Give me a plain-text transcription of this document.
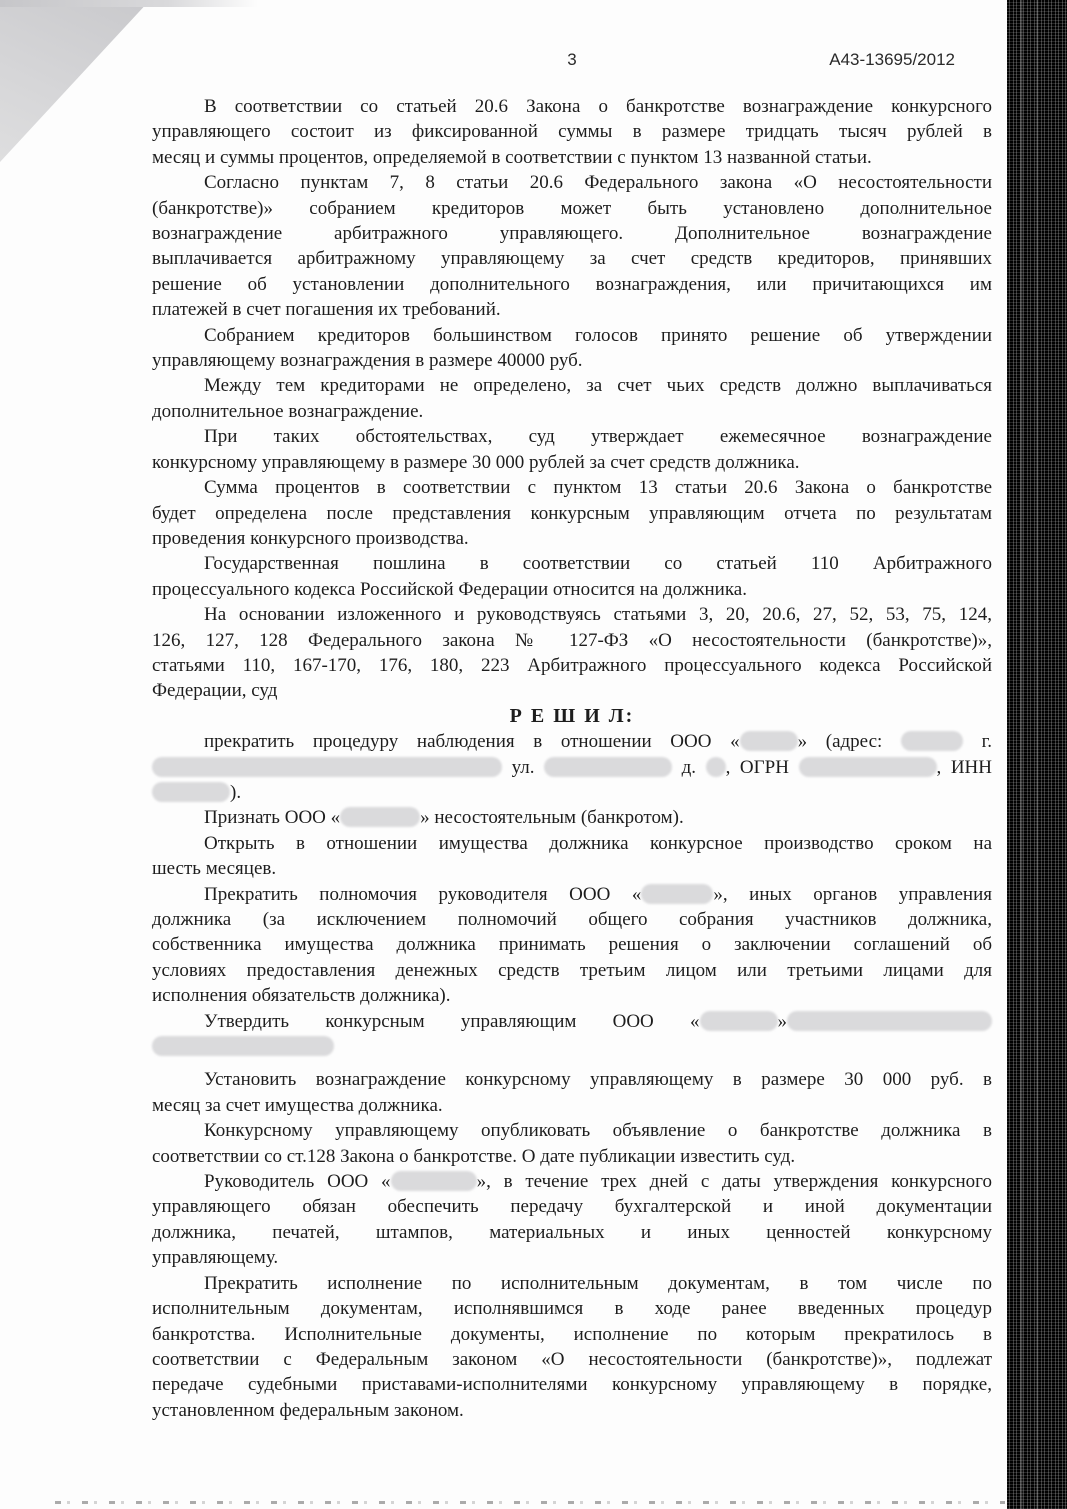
3	А43-13695/2012
В соответствии со статьей 20.6 Закона о банкротстве вознаграждение конкурсного
управляющего состоит из фиксированной суммы в размере тридцать тысяч рублей в
месяц и суммы процентов, определяемой в соответствии с пунктом 13 названной статьи.
Согласно пунктам 7, 8 статьи 20.6 Федерального закона «О несостоятельности
(банкротстве)» собранием кредиторов может быть установлено дополнительное
вознаграждение арбитражного управляющего. Дополнительное вознаграждение
выплачивается арбитражному управляющему за счет средств кредиторов, принявших
решение об установлении дополнительного вознаграждения, или причитающихся им
платежей в счет погашения их требований.
Собранием кредиторов большинством голосов принято решение об утверждении
управляющему вознаграждения в размере 40000 руб.
Между тем кредиторами не определено, за счет чьих средств должно выплачиваться
дополнительное вознаграждение.
При таких обстоятельствах, суд утверждает ежемесячное вознаграждение
конкурсному управляющему в размере 30 000 рублей за счет средств должника.
Сумма процентов в соответствии с пунктом 13 статьи 20.6 Закона о банкротстве
будет определена после представления конкурсным управляющим отчета по результатам
проведения конкурсного производства.
Государственная пошлина в соответствии со статьей 110 Арбитражного
процессуального кодекса Российской Федерации относится на должника.
На основании изложенного и руководствуясь статьями 3, 20, 20.6, 27, 52, 53, 75, 124,
126, 127, 128 Федерального закона № 127-ФЗ «О несостоятельности (банкротстве)»,
статьями 110, 167-170, 176, 180, 223 Арбитражного процессуального кодекса Российской
Федерации, суд
Р Е Ш И Л:
прекратить процедуру наблюдения в отношении ООО «	» (адрес:	г.
ул.	д. , ОГРН	, ИНН
).
Признать ООО «	» несостоятельным (банкротом).
Открыть в отношении имущества должника конкурсное производство сроком на
шесть месяцев.
Прекратить полномочия руководителя ООО «	», иных органов управления
должника (за исключением полномочий общего собрания участников должника,
собственника имущества должника принимать решения о заключении соглашений об
условиях предоставления денежных средств третьим лицом или третьими лицами для
исполнения обязательств должника).
Утвердить конкурсным управляющим ООО «	»
Установить вознаграждение конкурсному управляющему в размере 30 000 руб. в
месяц за счет имущества должника.
Конкурсному управляющему опубликовать объявление о банкротстве должника в
соответствии со ст.128 Закона о банкротстве. О дате публикации известить суд.
Руководитель ООО «	», в течение трех дней с даты утверждения конкурсного
управляющего обязан обеспечить передачу бухгалтерской и иной документации
должника, печатей, штампов, материальных и иных ценностей конкурсному
управляющему.
Прекратить исполнение по исполнительным документам, в том числе по
исполнительным документам, исполнявшимся в ходе ранее введенных процедур
банкротства. Исполнительные документы, исполнение по которым прекратилось в
соответствии с Федеральным законом «О несостоятельности (банкротстве)», подлежат
передаче судебными приставами-исполнителями конкурсному управляющему в порядке,
установленном федеральным законом.
